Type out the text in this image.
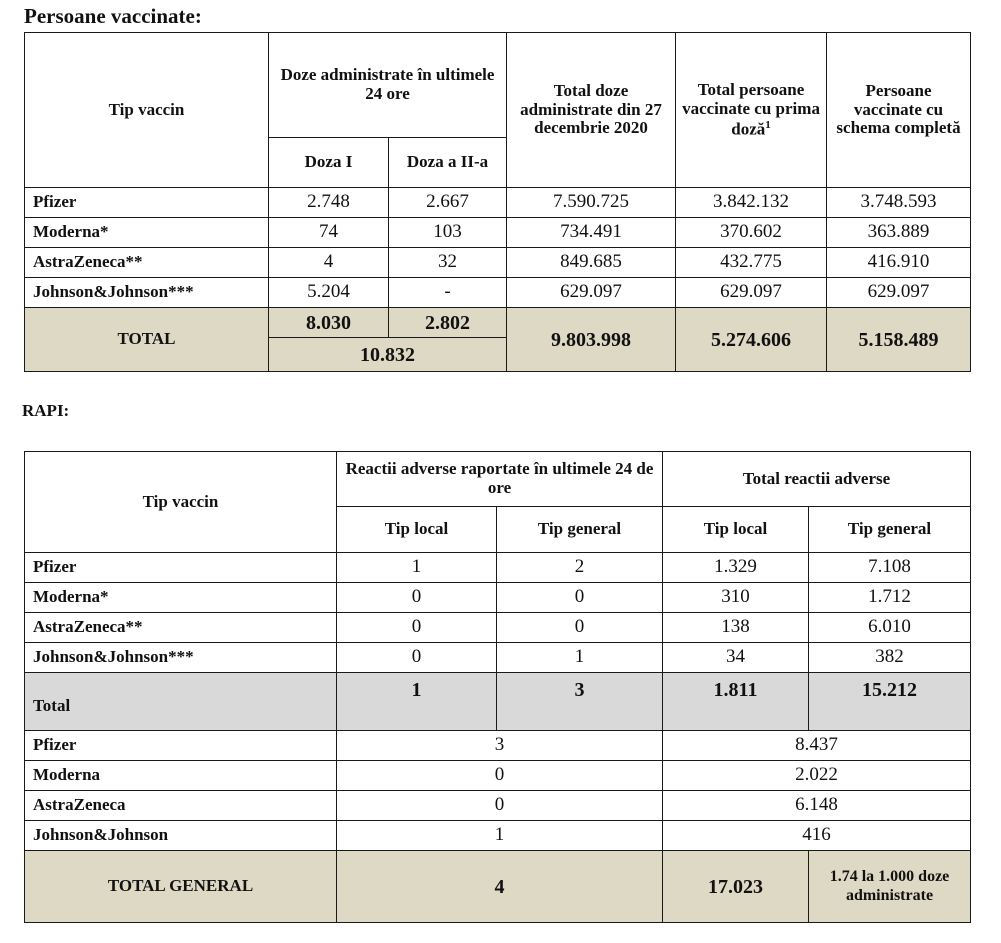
Persoane vaccinate:
Tip vaccin	Doze administrate în ultimele 24 ore		Total doze administrate din 27 decembrie 2020	Total persoane vaccinate cu prima doză$^1$	Persoane vaccinate cu schema completă
	Doza I	Doza a II-a			
Pfizer	2.748	2.667	7.590.725	3.842.132	3.748.593
Moderna*	74	103	734.491	370.602	363.889
AstraZeneca**	4	32	849.685	432.775	416.910
Johnson&Johnson***	5.204	-	629.097	629.097	629.097
TOTAL	8.030	2.802	9.803.998	5.274.606	5.158.489
	10.832				
RAPI:
Tip vaccin	Reactii adverse raportate în ultimele 24 de ore		Total reactii adverse	
	Tip local	Tip general	Tip local	Tip general
Pfizer	1	2	1.329	7.108
Moderna*	0	0	310	1.712
AstraZeneca**	0	0	138	6.010
Johnson&Johnson***	0	1	34	382
Total	1	3	1.811	15.212
Pfizer	3		8.437	
Moderna	0		2.022	
AstraZeneca	0		6.148	
Johnson&Johnson	1		416	
TOTAL GENERAL	4		17.023	1.74 la 1.000 doze administrate
